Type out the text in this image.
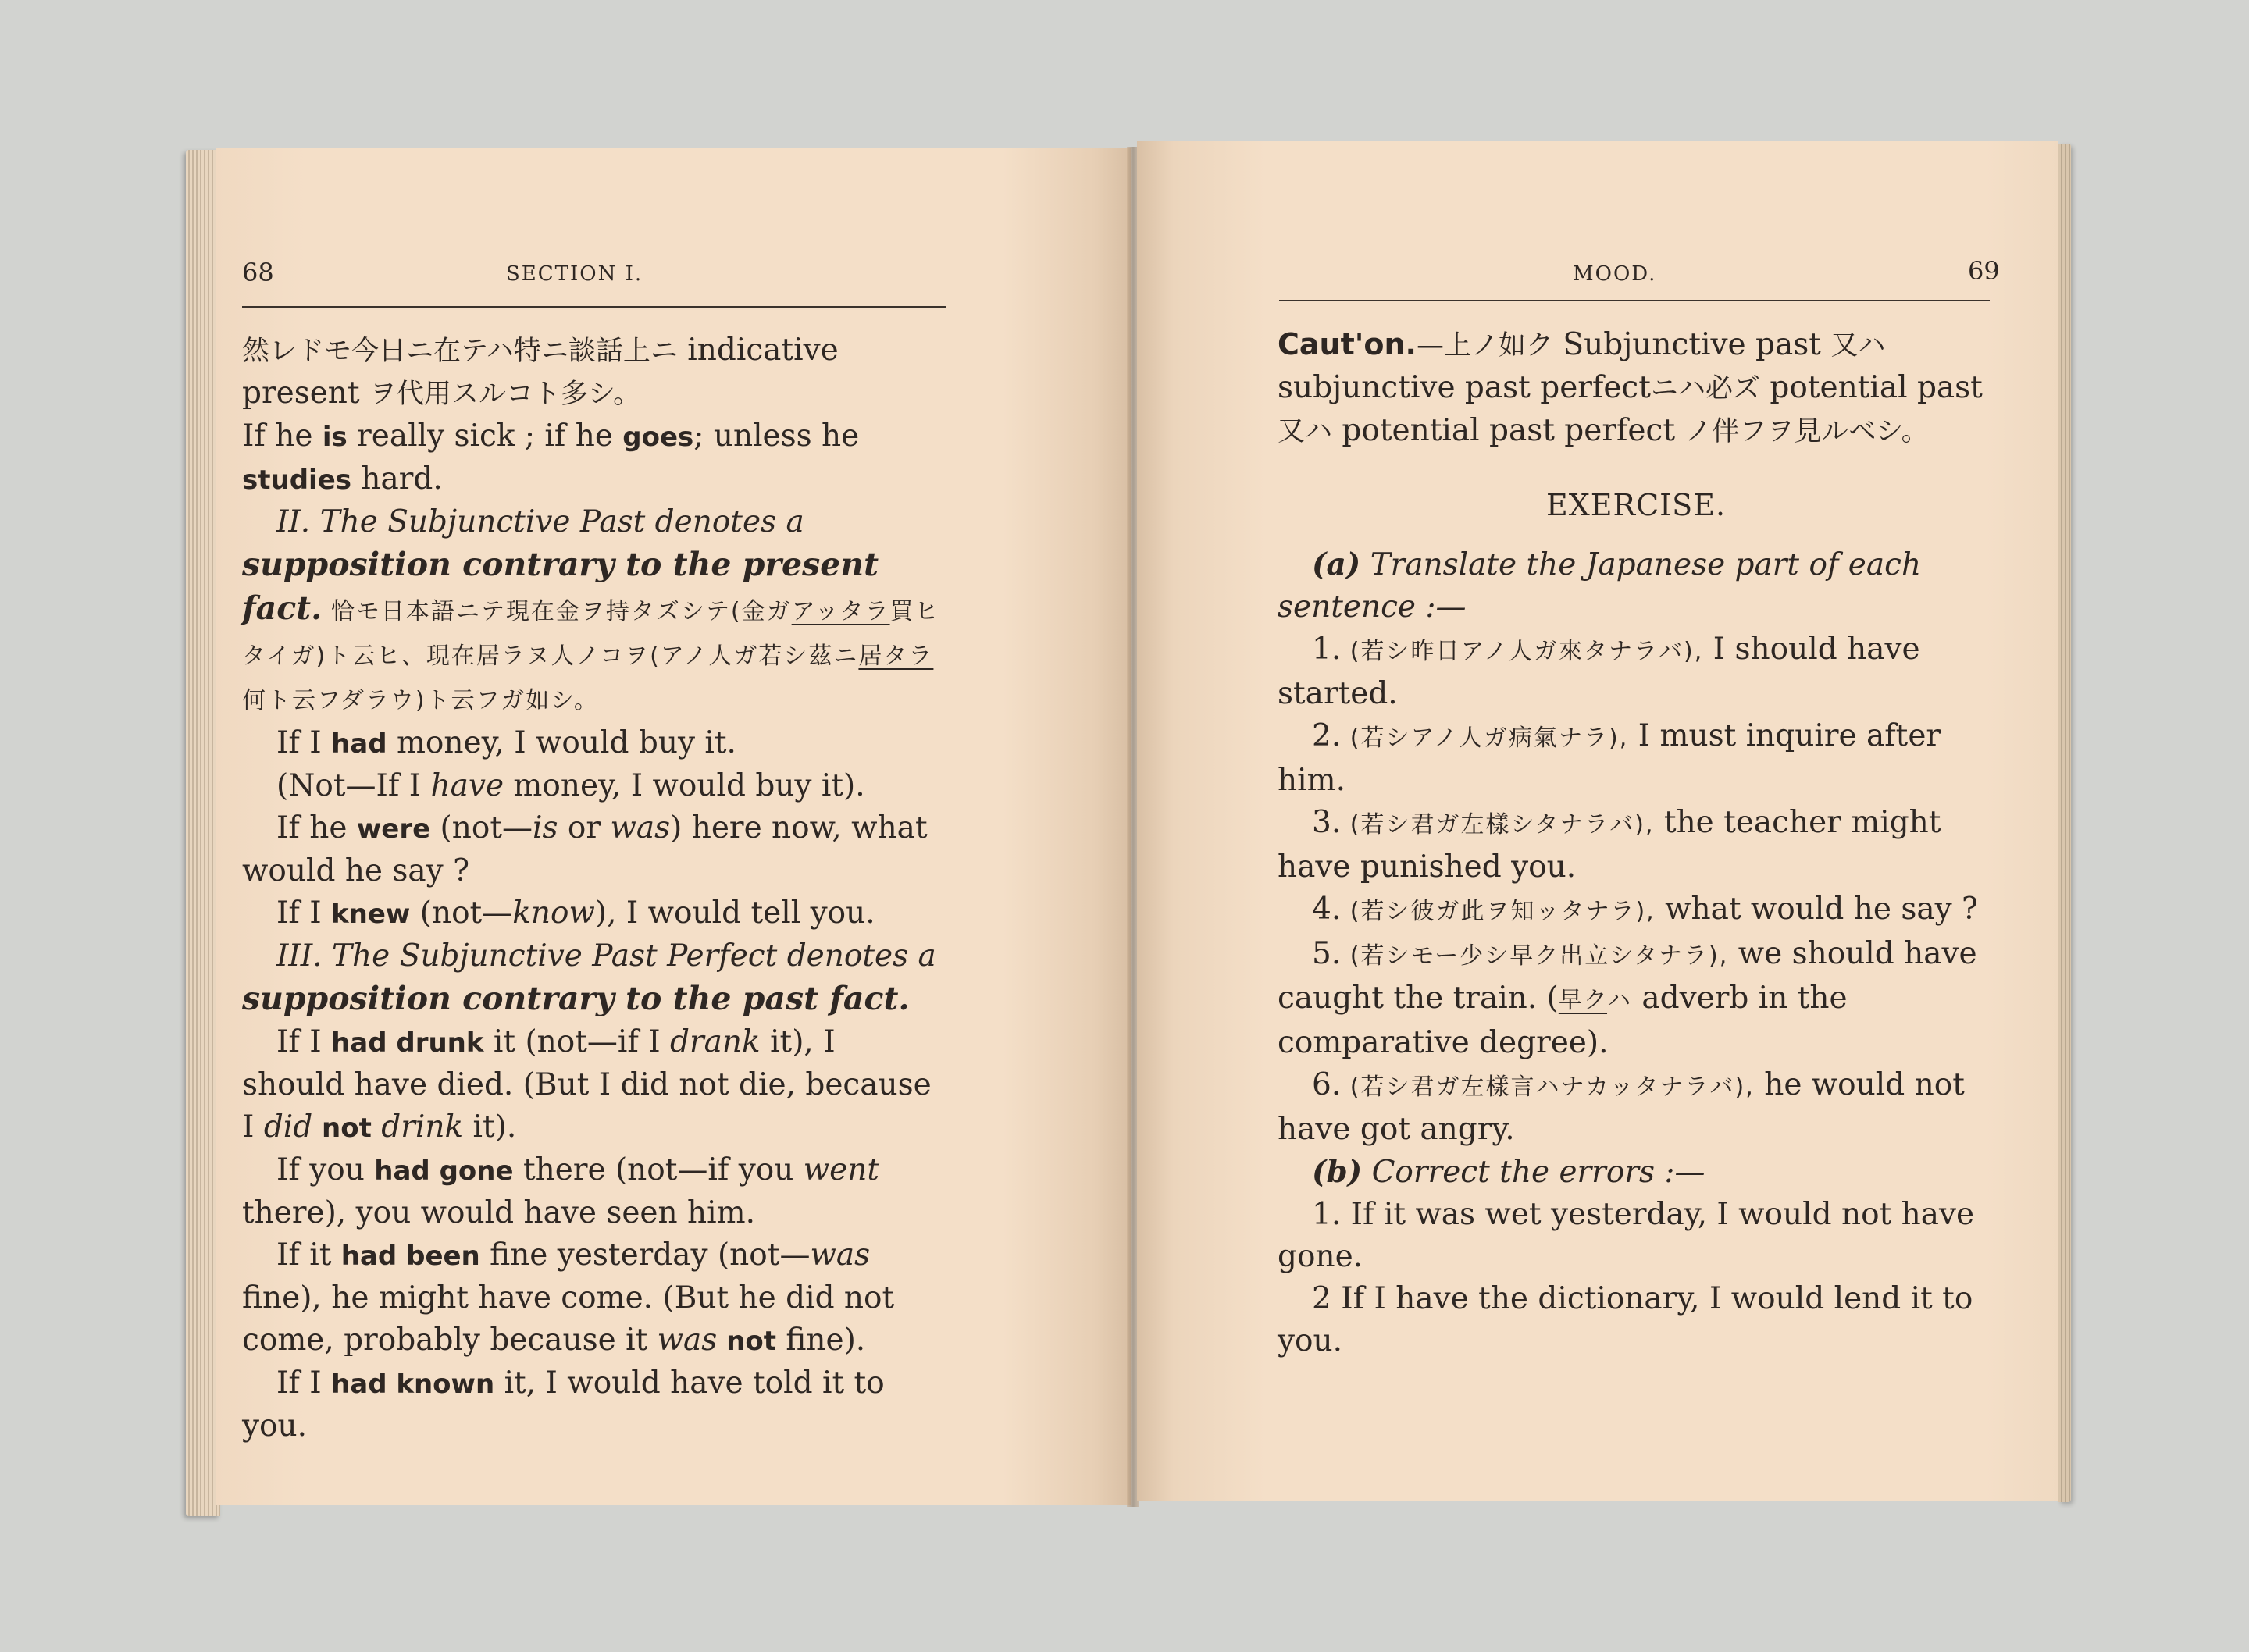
68	SECTION I.

然レドモ今日ニ在テハ特ニ談話上ニ indicative
present ヲ代用スルコト多シ。

If he is really sick ; if he goes; unless he studies hard.

II. The Subjunctive Past denotes a supposition contrary to the present fact. 恰モ日本語ニテ現在金ヲ持タズシテ(金ガアッタラ買ヒタイガ)ト云ヒ、現在居ラヌ人ノコヲ(アノ人ガ若シ茲ニ居タラ何ト云フダラウ)ト云フガ如シ。

If I had money, I would buy it.

(Not—If I have money, I would buy it).

If he were (not—is or was) here now, what would he say ?

If I knew (not—know), I would tell you.

III. The Subjunctive Past Perfect denotes a supposition contrary to the past fact.

If I had drunk it (not—if I drank it), I should have died. (But I did not die, because I did not drink it).

If you had gone there (not—if you went there), you would have seen him.

If it had been fine yesterday (not—was fine), he might have come. (But he did not come, probably because it was not fine).

If I had known it, I would have told it to you.

MOOD.	69

Caut'on.—上ノ如ク Subjunctive past 又ハ subjunctive past perfectニハ必ズ potential past 又ハ potential past perfect ノ伴フヲ見ルベシ。

EXERCISE.

(a) Translate the Japanese part of each sentence :—

1. (若シ昨日アノ人ガ來タナラバ), I should have started.

2. (若シアノ人ガ病氣ナラ), I must inquire after him.

3. (若シ君ガ左樣シタナラバ), the teacher might have punished you.

4. (若シ彼ガ此ヲ知ッタナラ), what would he say ?

5. (若シモー少シ早ク出立シタナラ), we should have caught the train. (早クハ adverb in the comparative degree).

6. (若シ君ガ左樣言ハナカッタナラバ), he would not have got angry.

(b) Correct the errors :—

1. If it was wet yesterday, I would not have gone.

2 If I have the dictionary, I would lend it to you.
